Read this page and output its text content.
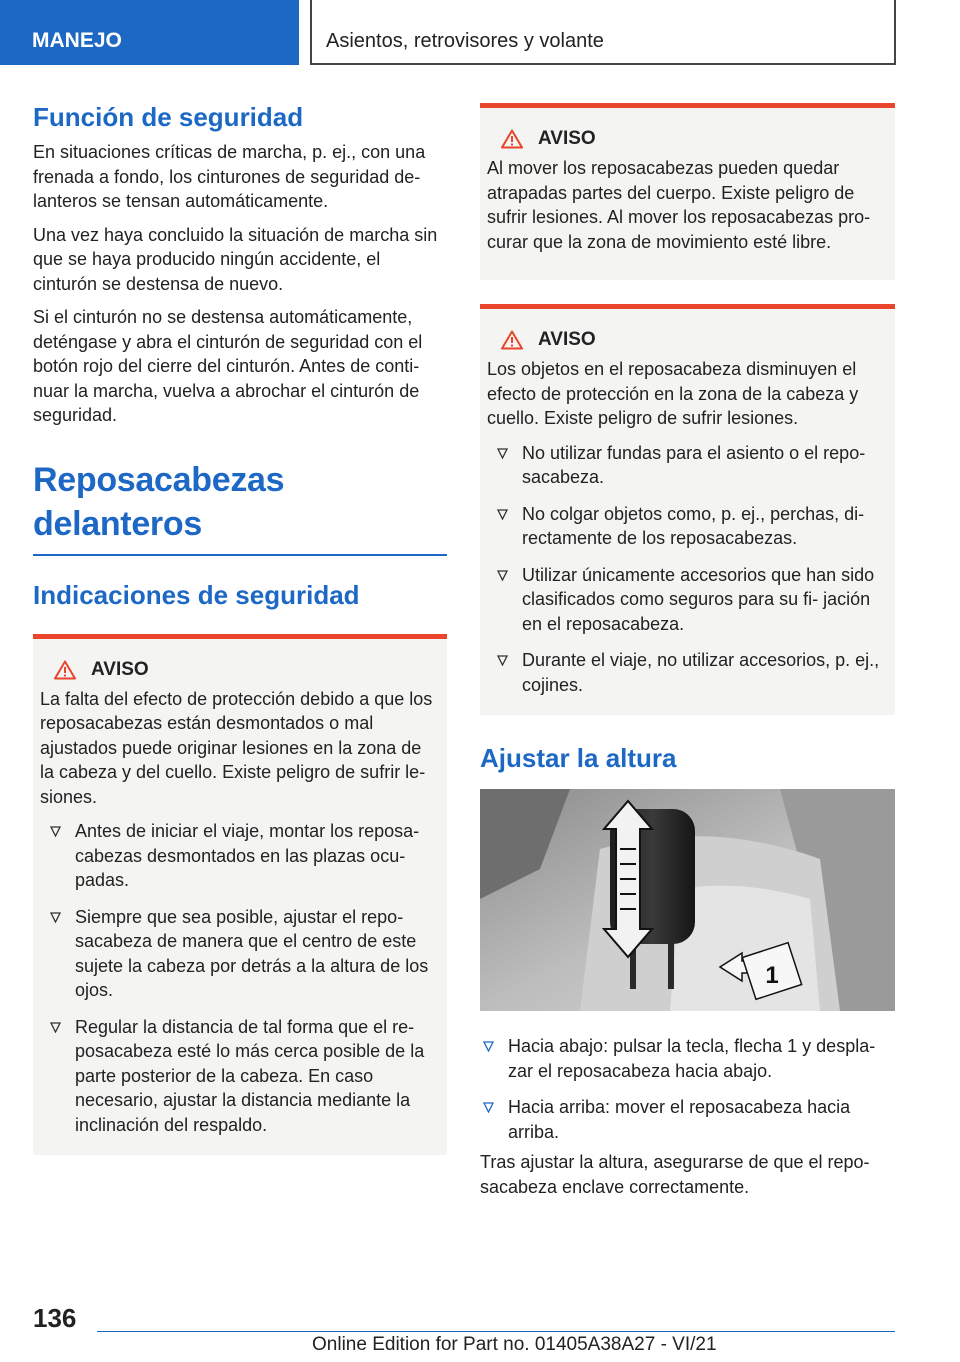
MANEJO	Asientos, retrovisores y volante
Función de seguridad

En situaciones críticas de marcha, p. ej., con una frenada a fondo, los cinturones de seguridad de‐ lanteros se tensan automáticamente.

Una vez haya concluido la situación de marcha sin que se haya producido ningún accidente, el cinturón se destensa de nuevo.

Si el cinturón no se destensa automáticamente, deténgase y abra el cinturón de seguridad con el botón rojo del cierre del cinturón. Antes de conti‐ nuar la marcha, vuelva a abrochar el cinturón de seguridad.

Reposacabezas delanteros
Indicaciones de seguridad
AVISO

La falta del efecto de protección debido a que los reposacabezas están desmontados o mal ajustados puede originar lesiones en la zona de la cabeza y del cuello. Existe peligro de sufrir le‐ siones.

Antes de iniciar el viaje, montar los reposa‐ cabezas desmontados en las plazas ocu‐ padas.
Siempre que sea posible, ajustar el repo‐ sacabeza de manera que el centro de este sujete la cabeza por detrás a la altura de los ojos.
Regular la distancia de tal forma que el re‐ posacabeza esté lo más cerca posible de la parte posterior de la cabeza. En caso necesario, ajustar la distancia mediante la inclinación del respaldo.
AVISO

Al mover los reposacabezas pueden quedar atrapadas partes del cuerpo. Existe peligro de sufrir lesiones. Al mover los reposacabezas pro‐ curar que la zona de movimiento esté libre.

AVISO

Los objetos en el reposacabeza disminuyen el efecto de protección en la zona de la cabeza y cuello. Existe peligro de sufrir lesiones.

No utilizar fundas para el asiento o el repo‐ sacabeza.
No colgar objetos como, p. ej., perchas, di‐ rectamente de los reposacabezas.
Utilizar únicamente accesorios que han sido clasificados como seguros para su fi‐ jación en el reposacabeza.
Durante el viaje, no utilizar accesorios, p. ej., cojines.
Ajustar la altura
1
Hacia abajo: pulsar la tecla, flecha 1 y despla‐ zar el reposacabeza hacia abajo.
Hacia arriba: mover el reposacabeza hacia arriba.

Tras ajustar la altura, asegurarse de que el repo‐ sacabeza enclave correctamente.

136
Online Edition for Part no. 01405A38A27 - VI/21
